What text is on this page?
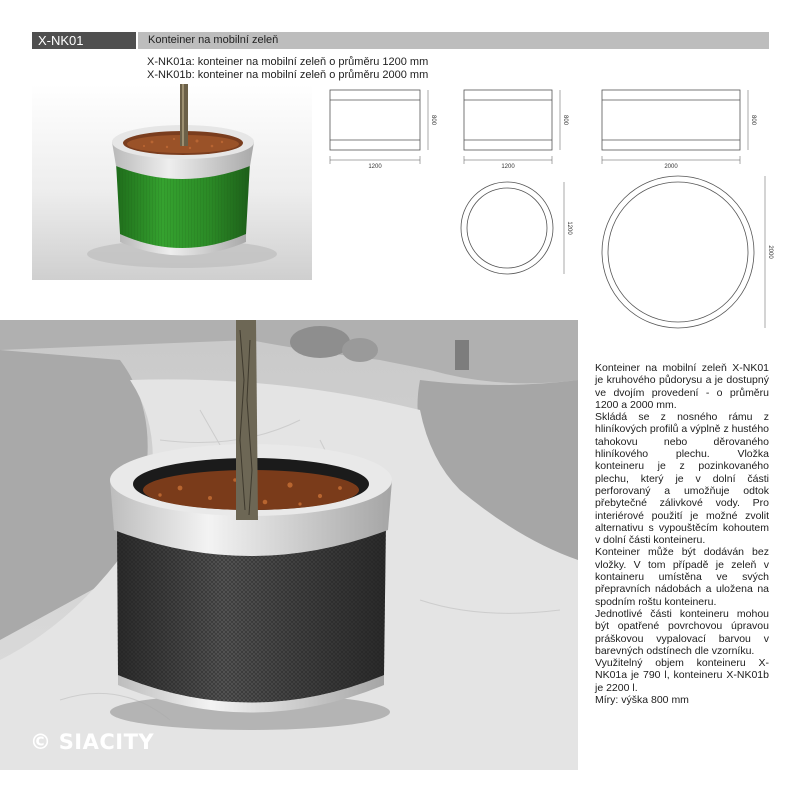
X-NK01	Konteiner na mobilní zeleň
X-NK01a: konteiner na mobilní zeleň o průměru 1200 mm
X-NK01b: konteiner na mobilní zeleň o průměru 2000 mm
800	800	800
1200	1200	2000
1200
2000

Konteiner na mobilní zeleň X-NK01 je kruhového půdorysu a je dostupný ve dvojím provedení - o průměru 1200 a 2000 mm.

Skládá se z nosného rámu z hliníkových profilů a výplně z hustého tahokovu nebo děrovaného hliníkového plechu. Vložka konteineru je z pozinkovaného plechu, který je v dolní části perforovaný a umožňuje odtok přebytečné zálivkové vody. Pro interiérové použití je možné zvolit alternativu s vypouštěcím kohoutem v dolní části konteineru.

Konteiner může být dodáván bez vložky. V tom případě je zeleň v kontaineru umístěna ve svých přepravních nádobách a uložena na spodním roštu konteineru.

Jednotlivé části konteineru mohou být opatřené povrchovou úpravou práškovou vypalovací barvou v barevných odstínech dle vzorníku.

Využitelný objem konteineru X-NK01a je 790 l, konteineru X-NK01b je 2200 l.

Míry: výška 800 mm

© SIACITY
